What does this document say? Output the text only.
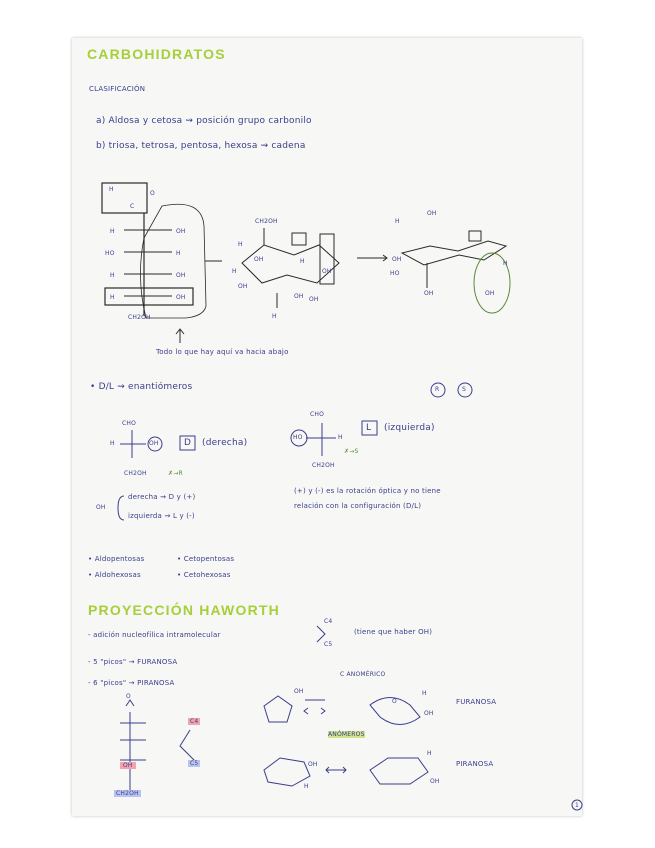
CARBOHIDRATOS
CLASIFICACIÓN
a) Aldosa y cetosa ⇝ posición grupo carbonilo
b) triosa, tetrosa, pentosa, hexosa ⇝ cadena
H
C
O
H	OH
HO	H
H	OH
H	OH
CH2OH
Todo lo que hay aquí va hacia abajo
CH2OH
H
OH
H
OH
H
OH
H
OH
OH
OH
H
OH
HO
OH
H
OH
• D/L ⇝ enantiómeros	R	S
CHO
H	OH
CH2OH	✗→R
D (derecha)
CHO
HO	H
CH2OH
✗→S
L (izquierda)
OH
derecha ⇝ D y (+)
izquierda ⇝ L y (-)
(+) y (-) es la rotación óptica y no tiene
relación con la configuración (D/L)
• Aldopentosas
• Aldohexosas
• Cetopentosas
• Cetohexosas
PROYECCIÓN HAWORTH
- adición nucleofílica intramolecular
C4
C5
(tiene que haber OH)
- 5 "picos" → FURANOSA
- 6 "picos" → PIRANOSA
O
OH
CH2OH
C4
C5
OH
O
H
OH
C ANOMÉRICO
ANÓMEROS
FURANOSA
PIRANOSA
OH
H
H
OH
1
